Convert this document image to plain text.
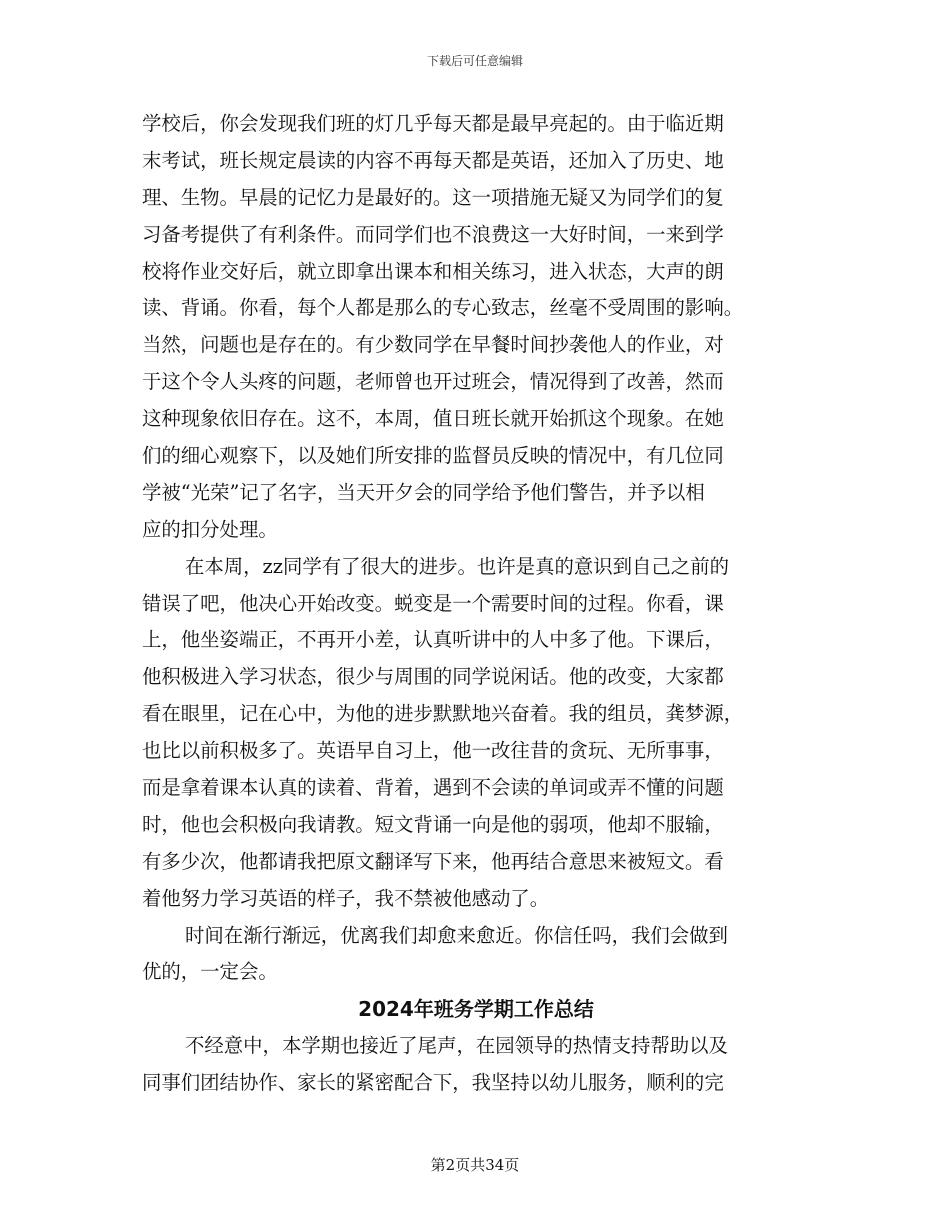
下载后可任意编辑
学校后，你会发现我们班的灯几乎每天都是最早亮起的。由于临近期
末考试，班长规定晨读的内容不再每天都是英语，还加入了历史、地
理、生物。早晨的记忆力是最好的。这一项措施无疑又为同学们的复
习备考提供了有利条件。而同学们也不浪费这一大好时间，一来到学
校将作业交好后，就立即拿出课本和相关练习，进入状态，大声的朗
读、背诵。你看，每个人都是那么的专心致志，丝毫不受周围的影响。
当然，问题也是存在的。有少数同学在早餐时间抄袭他人的作业，对
于这个令人头疼的问题，老师曾也开过班会，情况得到了改善，然而
这种现象依旧存在。这不，本周，值日班长就开始抓这个现象。在她
们的细心观察下，以及她们所安排的监督员反映的情况中，有几位同
学被“光荣”记了名字，当天开夕会的同学给予他们警告，并予以相
应的扣分处理。
在本周，zz同学有了很大的进步。也许是真的意识到自己之前的
错误了吧，他决心开始改变。蜕变是一个需要时间的过程。你看，课
上，他坐姿端正，不再开小差，认真听讲中的人中多了他。下课后，
他积极进入学习状态，很少与周围的同学说闲话。他的改变，大家都
看在眼里，记在心中，为他的进步默默地兴奋着。我的组员，龚梦源，
也比以前积极多了。英语早自习上，他一改往昔的贪玩、无所事事，
而是拿着课本认真的读着、背着，遇到不会读的单词或弄不懂的问题
时，他也会积极向我请教。短文背诵一向是他的弱项，他却不服输，
有多少次，他都请我把原文翻译写下来，他再结合意思来被短文。看
着他努力学习英语的样子，我不禁被他感动了。
时间在渐行渐远，优离我们却愈来愈近。你信任吗，我们会做到
优的，一定会。
2024年班务学期工作总结
不经意中，本学期也接近了尾声，在园领导的热情支持帮助以及
同事们团结协作、家长的紧密配合下，我坚持以幼儿服务，顺利的完
第2页共34页
